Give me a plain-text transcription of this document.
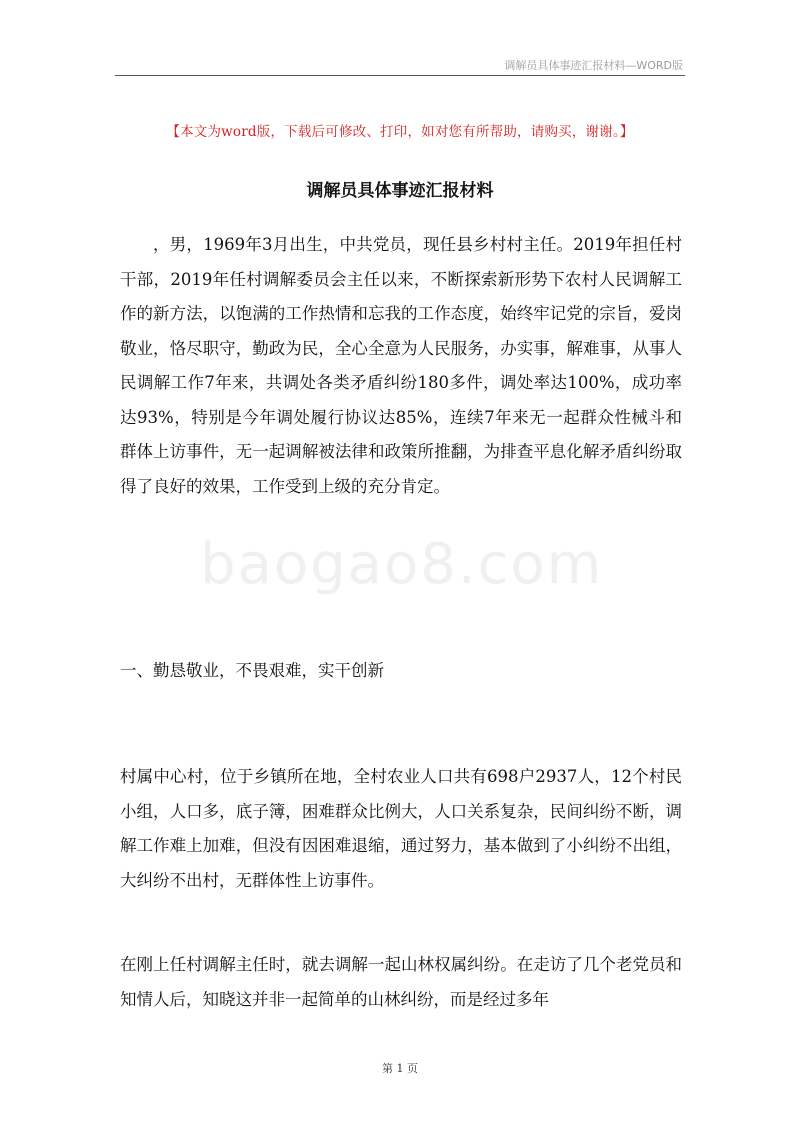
调解员具体事迹汇报材料—WORD版
【本文为word版，下载后可修改、打印，如对您有所帮助，请购买，谢谢。】
调解员具体事迹汇报材料
baogao8.com

，男，1969年3月出生，中共党员，现任县乡村村主任。2019年担任村干部，2019年任村调解委员会主任以来，不断探索新形势下农村人民调解工作的新方法，以饱满的工作热情和忘我的工作态度，始终牢记党的宗旨，爱岗敬业，恪尽职守，勤政为民，全心全意为人民服务，办实事，解难事，从事人民调解工作7年来，共调处各类矛盾纠纷180多件，调处率达100%，成功率达93%，特别是今年调处履行协议达85%，连续7年来无一起群众性械斗和群体上访事件，无一起调解被法律和政策所推翻，为排查平息化解矛盾纠纷取得了良好的效果，工作受到上级的充分肯定。

一、勤恳敬业，不畏艰难，实干创新

村属中心村，位于乡镇所在地，全村农业人口共有698户2937人，12个村民小组，人口多，底子簿，困难群众比例大，人口关系复杂，民间纠纷不断，调解工作难上加难，但没有因困难退缩，通过努力，基本做到了小纠纷不出组，大纠纷不出村，无群体性上访事件。

在刚上任村调解主任时，就去调解一起山林权属纠纷。在走访了几个老党员和知情人后，知晓这并非一起简单的山林纠纷，而是经过多年

第 1 页
